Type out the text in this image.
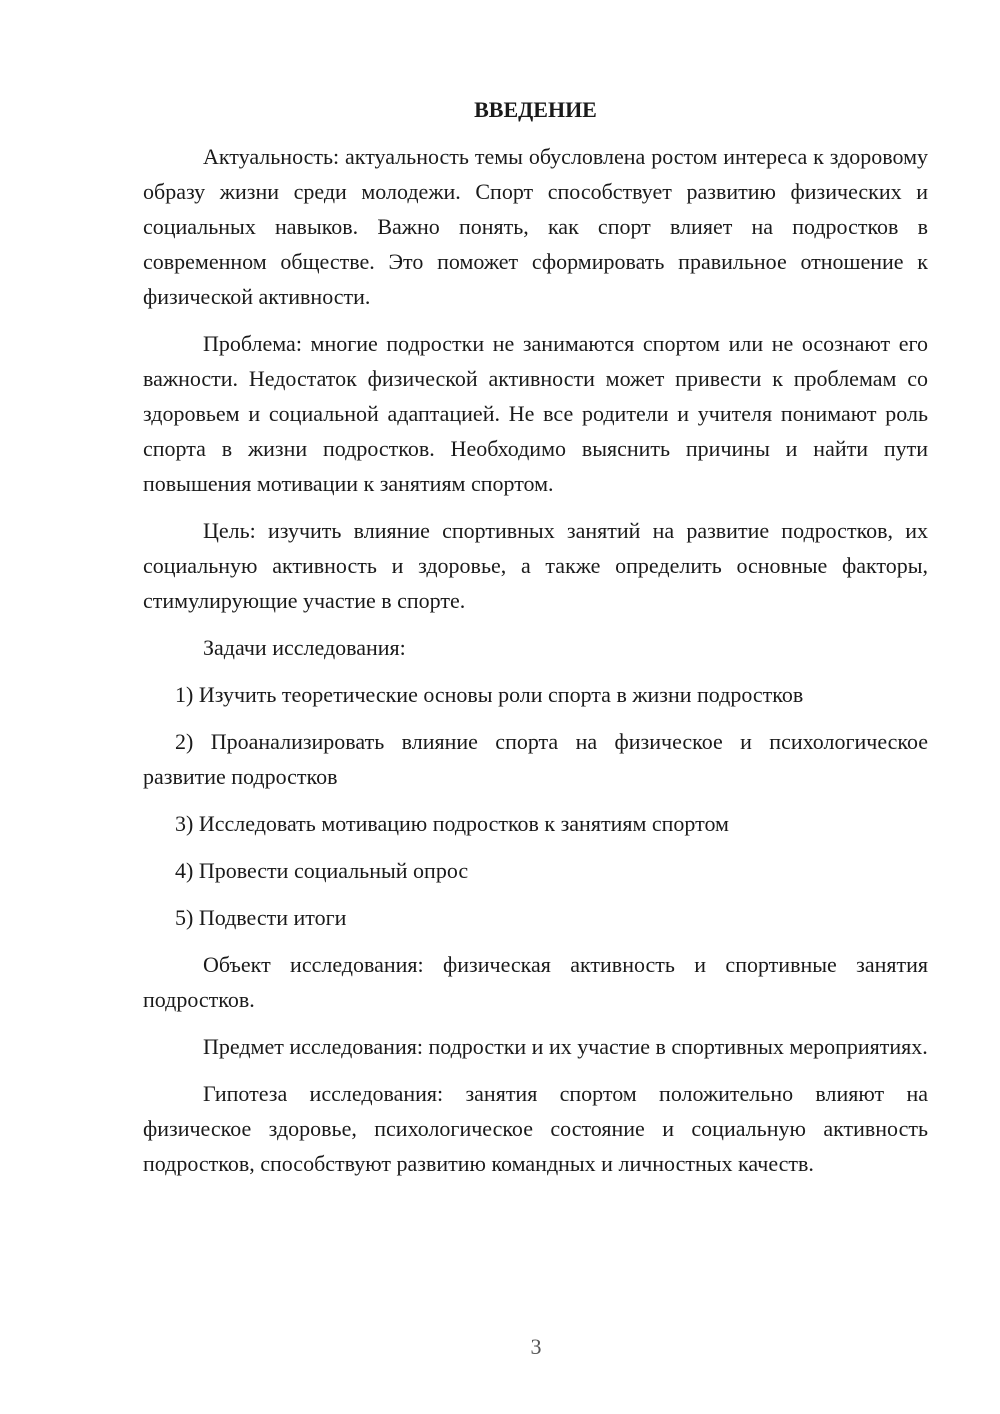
ВВЕДЕНИЕ

Актуальность: актуальность темы обусловлена ростом интереса к здоровому образу жизни среди молодежи. Спорт способствует развитию физических и социальных навыков. Важно понять, как спорт влияет на подростков в современном обществе. Это поможет сформировать правильное отношение к физической активности.

Проблема: многие подростки не занимаются спортом или не осознают его важности. Недостаток физической активности может привести к проблемам со здоровьем и социальной адаптацией. Не все родители и учителя понимают роль спорта в жизни подростков. Необходимо выяснить причины и найти пути повышения мотивации к занятиям спортом.

Цель: изучить влияние спортивных занятий на развитие подростков, их социальную активность и здоровье, а также определить основные факторы, стимулирующие участие в спорте.

Задачи исследования:

1) Изучить теоретические основы роли спорта в жизни подростков

2) Проанализировать влияние спорта на физическое и психологическое развитие подростков

3) Исследовать мотивацию подростков к занятиям спортом

4) Провести социальный опрос

5) Подвести итоги

Объект исследования: физическая активность и спортивные занятия подростков.

Предмет исследования: подростки и их участие в спортивных мероприятиях.

Гипотеза исследования: занятия спортом положительно влияют на физическое здоровье, психологическое состояние и социальную активность подростков, способствуют развитию командных и личностных качеств.

3
